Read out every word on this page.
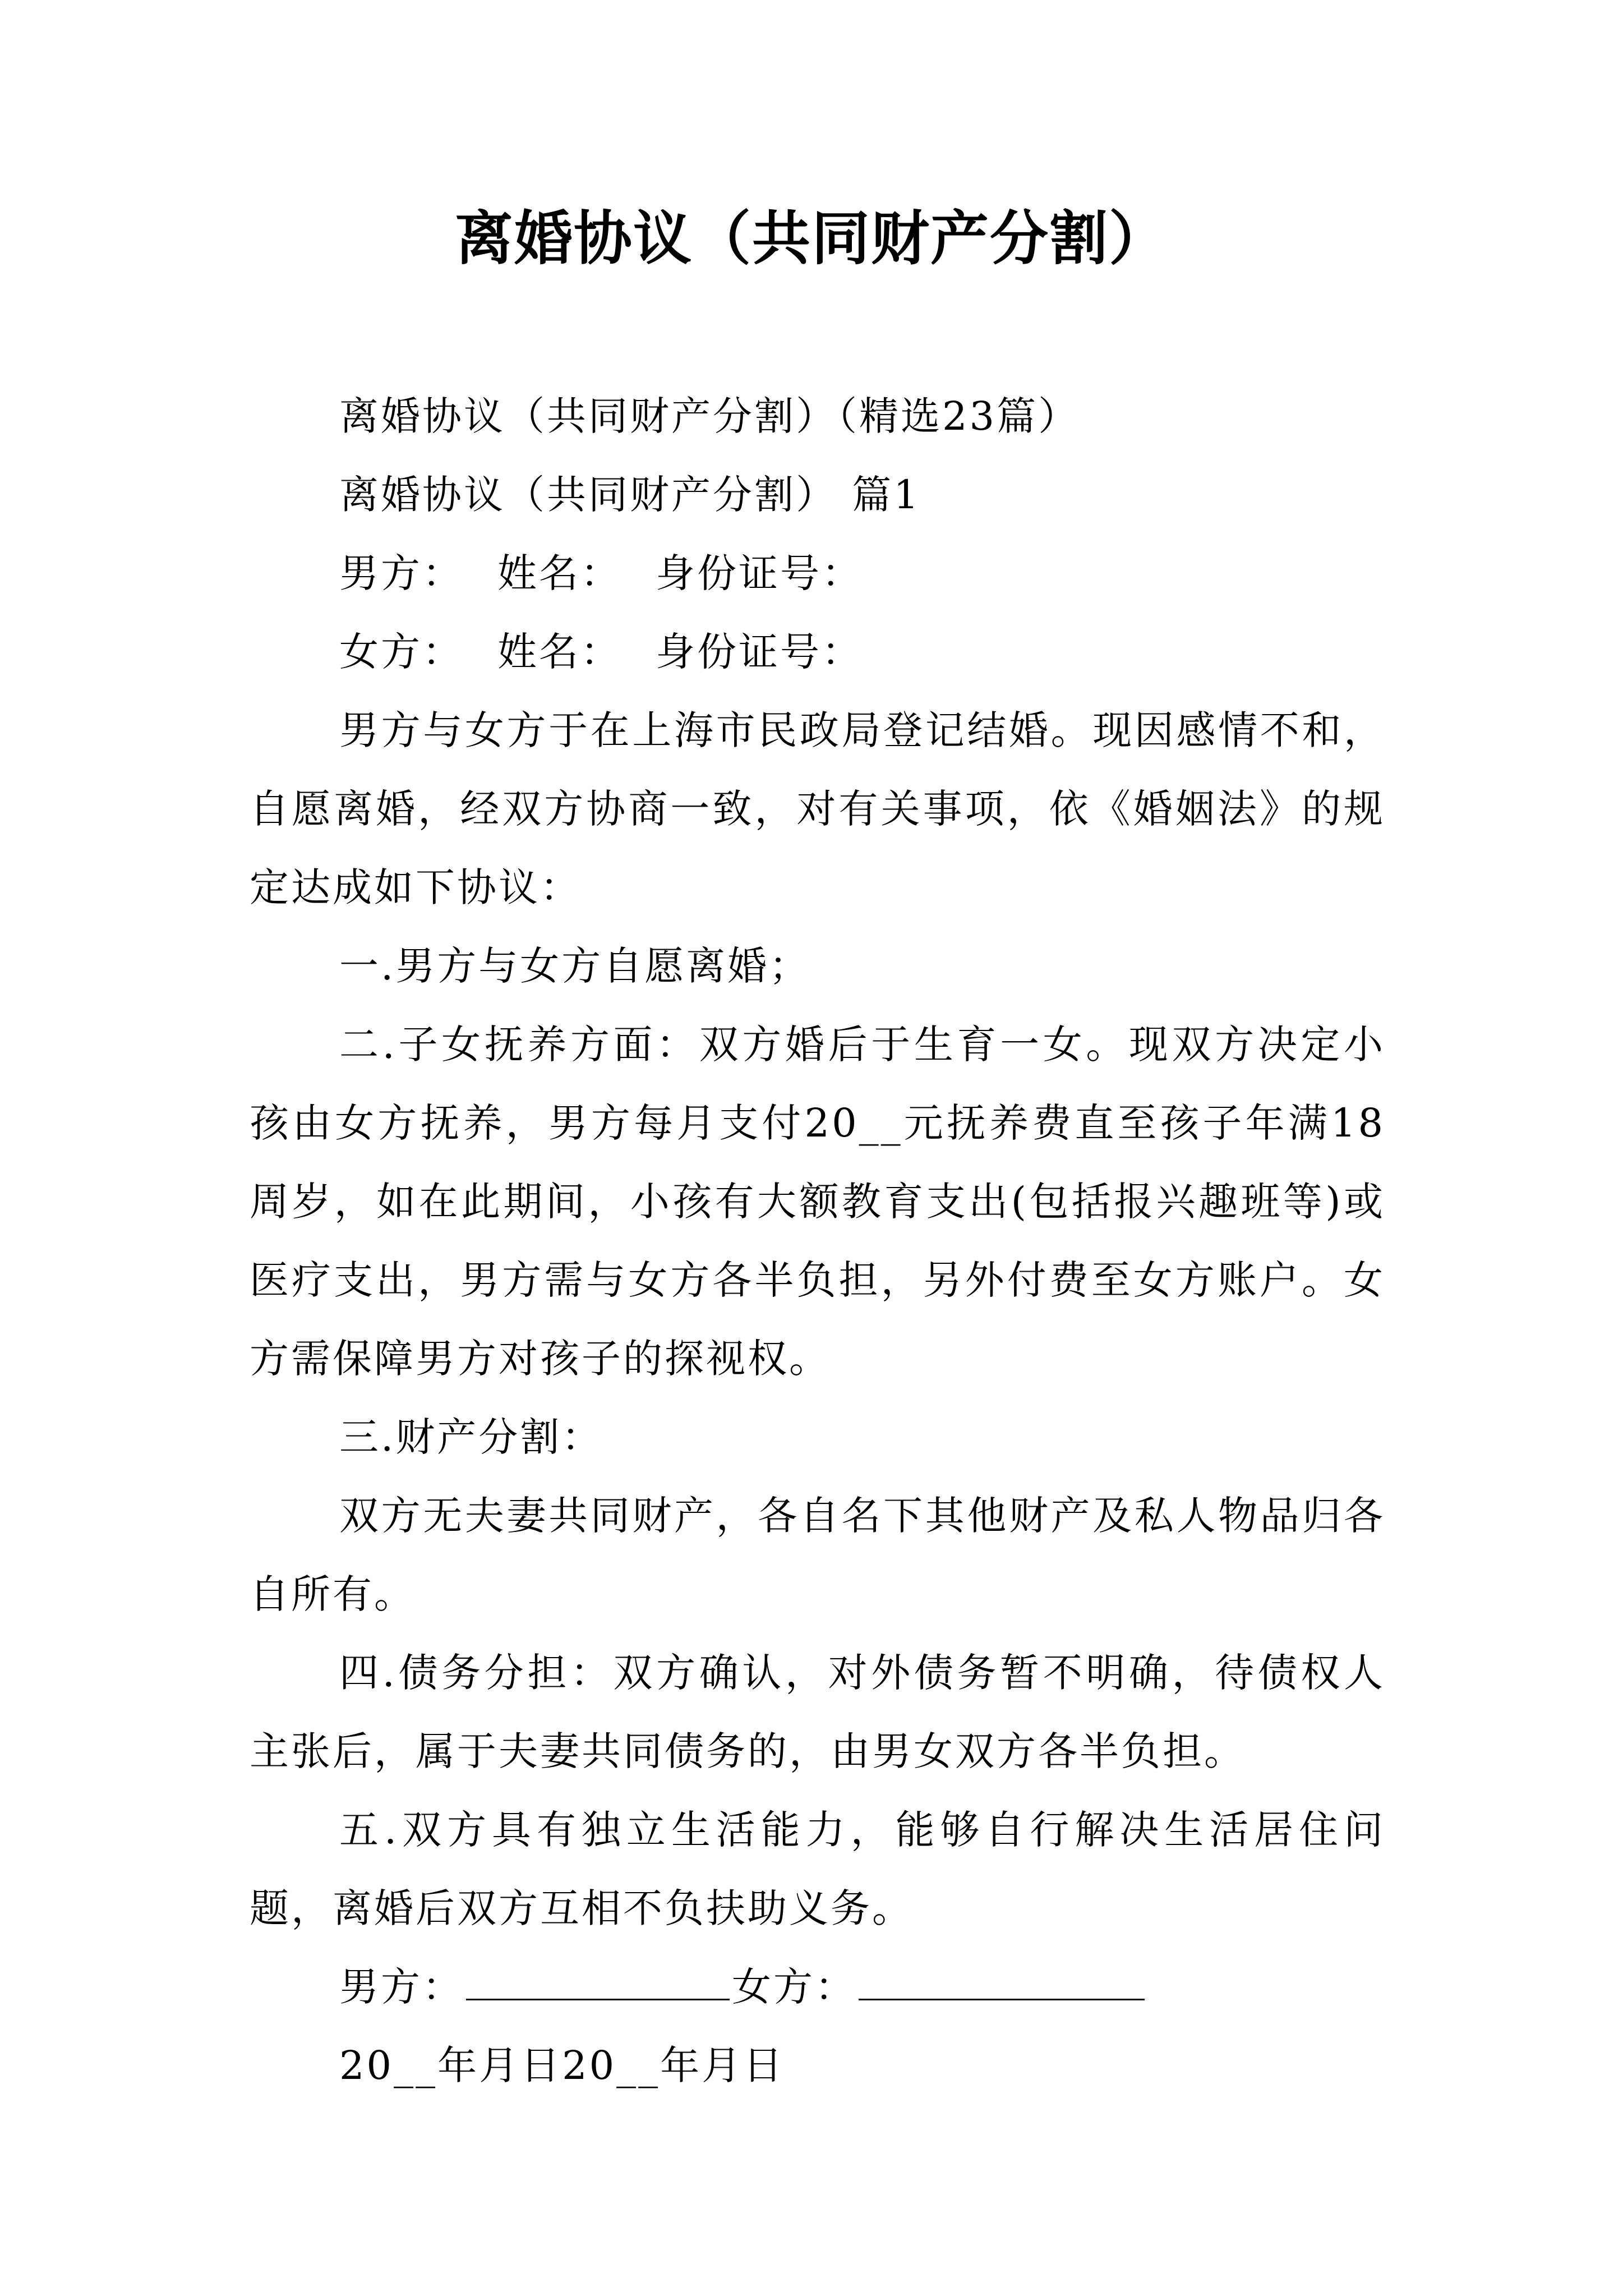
离婚协议（共同财产分割）

离婚协议（共同财产分割）（精选23篇）

离婚协议（共同财产分割） 篇1

男方： 姓名： 身份证号：

女方： 姓名： 身份证号：

男方与女方于在上海市民政局登记结婚。现因感情不和，自愿离婚，经双方协商一致，对有关事项，依《婚姻法》的规定达成如下协议：

一.男方与女方自愿离婚；

二.子女抚养方面：双方婚后于生育一女。现双方决定小孩由女方抚养，男方每月支付20__元抚养费直至孩子年满18周岁，如在此期间，小孩有大额教育支出(包括报兴趣班等)或医疗支出，男方需与女方各半负担，另外付费至女方账户。女方需保障男方对孩子的探视权。

三.财产分割：

双方无夫妻共同财产，各自名下其他财产及私人物品归各自所有。

四.债务分担：双方确认，对外债务暂不明确，待债权人主张后，属于夫妻共同债务的，由男女双方各半负担。

五.双方具有独立生活能力，能够自行解决生活居住问题，离婚后双方互相不负扶助义务。

男方：	女方：

20__年月日20__年月日
